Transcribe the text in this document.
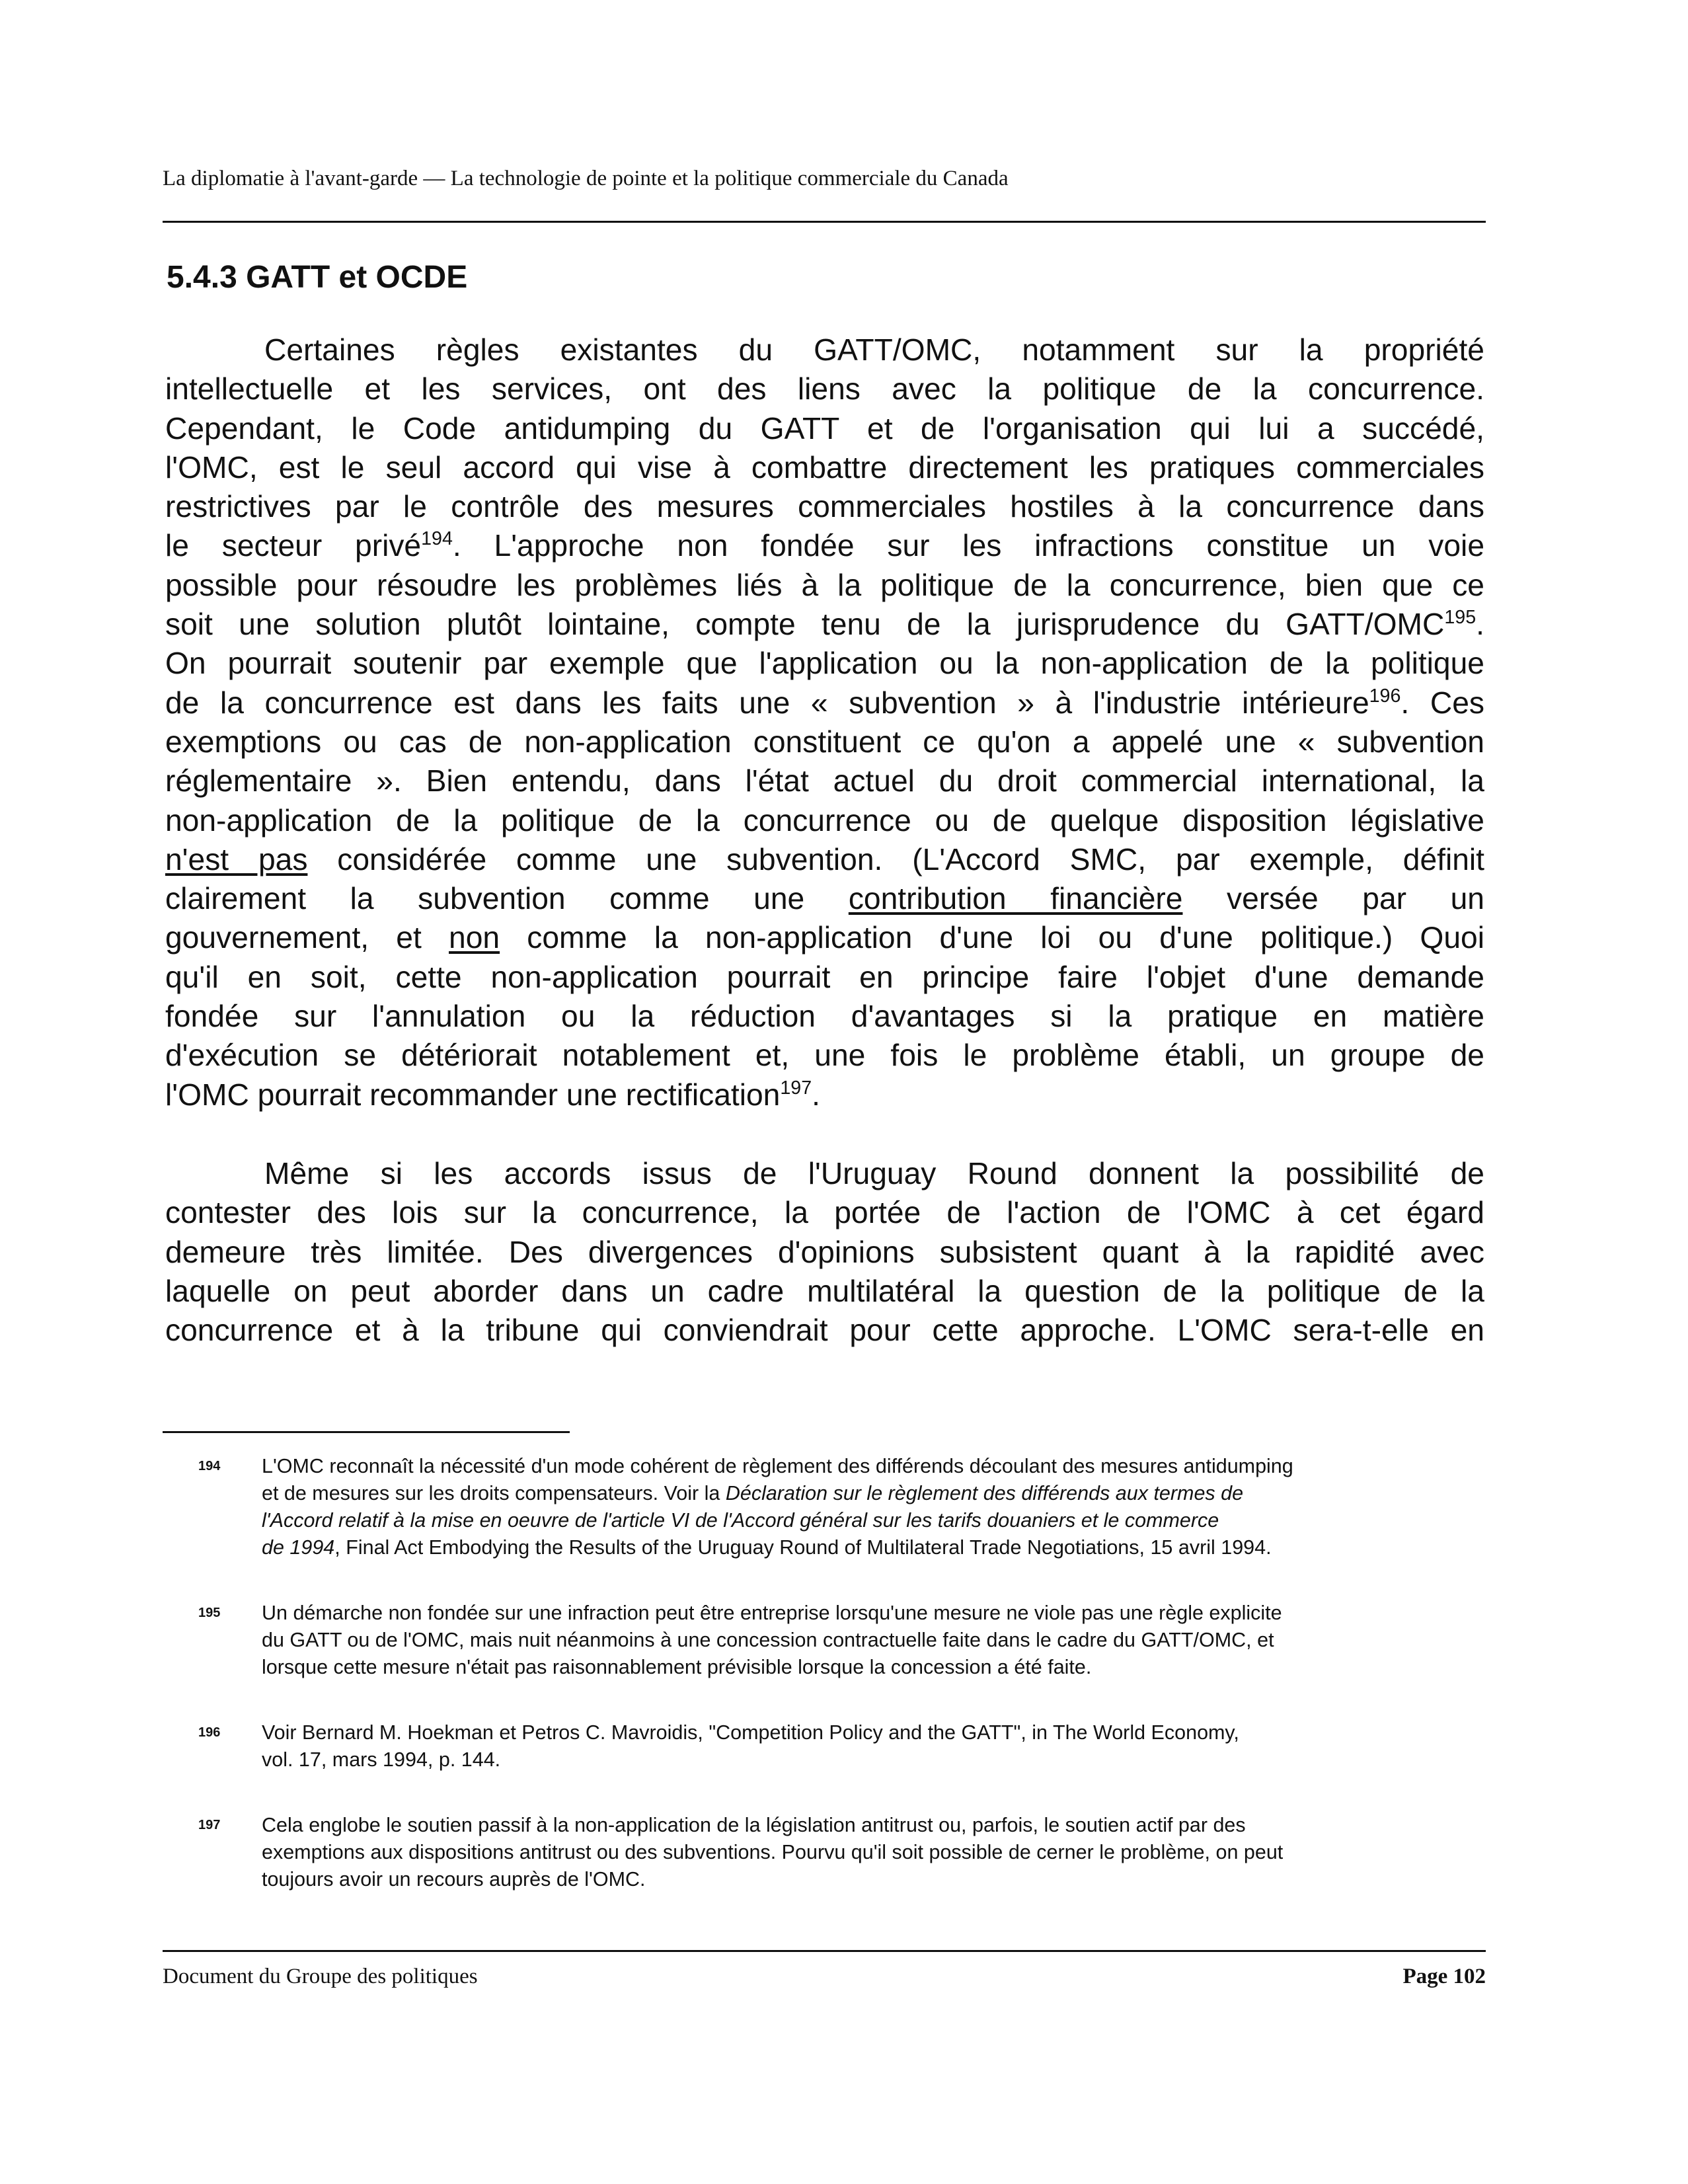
La diplomatie à l'avant-garde — La technologie de pointe et la politique commerciale du Canada
5.4.3 GATT et OCDE
Certaines règles existantes du GATT/OMC, notamment sur la propriété
intellectuelle et les services, ont des liens avec la politique de la concurrence.
Cependant, le Code antidumping du GATT et de l'organisation qui lui a succédé,
l'OMC, est le seul accord qui vise à combattre directement les pratiques commerciales
restrictives par le contrôle des mesures commerciales hostiles à la concurrence dans
le secteur privé$^{194}$. L'approche non fondée sur les infractions constitue un voie
possible pour résoudre les problèmes liés à la politique de la concurrence, bien que ce
soit une solution plutôt lointaine, compte tenu de la jurisprudence du GATT/OMC$^{195}$.
On pourrait soutenir par exemple que l'application ou la non-application de la politique
de la concurrence est dans les faits une « subvention » à l'industrie intérieure$^{196}$. Ces
exemptions ou cas de non-application constituent ce qu'on a appelé une « subvention
réglementaire ». Bien entendu, dans l'état actuel du droit commercial international, la
non-application de la politique de la concurrence ou de quelque disposition législative
n'est pas considérée comme une subvention. (L'Accord SMC, par exemple, définit
clairement la subvention comme une contribution financière versée par un
gouvernement, et non comme la non-application d'une loi ou d'une politique.) Quoi
qu'il en soit, cette non-application pourrait en principe faire l'objet d'une demande
fondée sur l'annulation ou la réduction d'avantages si la pratique en matière
d'exécution se détériorait notablement et, une fois le problème établi, un groupe de
l'OMC pourrait recommander une rectification$^{197}$.
Même si les accords issus de l'Uruguay Round donnent la possibilité de
contester des lois sur la concurrence, la portée de l'action de l'OMC à cet égard
demeure très limitée. Des divergences d'opinions subsistent quant à la rapidité avec
laquelle on peut aborder dans un cadre multilatéral la question de la politique de la
concurrence et à la tribune qui conviendrait pour cette approche. L'OMC sera-t-elle en
194 L'OMC reconnaît la nécessité d'un mode cohérent de règlement des différends découlant des mesures antidumping
et de mesures sur les droits compensateurs. Voir la Déclaration sur le règlement des différends aux termes de
l'Accord relatif à la mise en oeuvre de l'article VI de l'Accord général sur les tarifs douaniers et le commerce
de 1994, Final Act Embodying the Results of the Uruguay Round of Multilateral Trade Negotiations, 15 avril 1994.
195 Un démarche non fondée sur une infraction peut être entreprise lorsqu'une mesure ne viole pas une règle explicite
du GATT ou de l'OMC, mais nuit néanmoins à une concession contractuelle faite dans le cadre du GATT/OMC, et
lorsque cette mesure n'était pas raisonnablement prévisible lorsque la concession a été faite.
196 Voir Bernard M. Hoekman et Petros C. Mavroidis, "Competition Policy and the GATT", in The World Economy,
vol. 17, mars 1994, p. 144.
197 Cela englobe le soutien passif à la non-application de la législation antitrust ou, parfois, le soutien actif par des
exemptions aux dispositions antitrust ou des subventions. Pourvu qu'il soit possible de cerner le problème, on peut
toujours avoir un recours auprès de l'OMC.
Document du Groupe des politiques	Page 102
